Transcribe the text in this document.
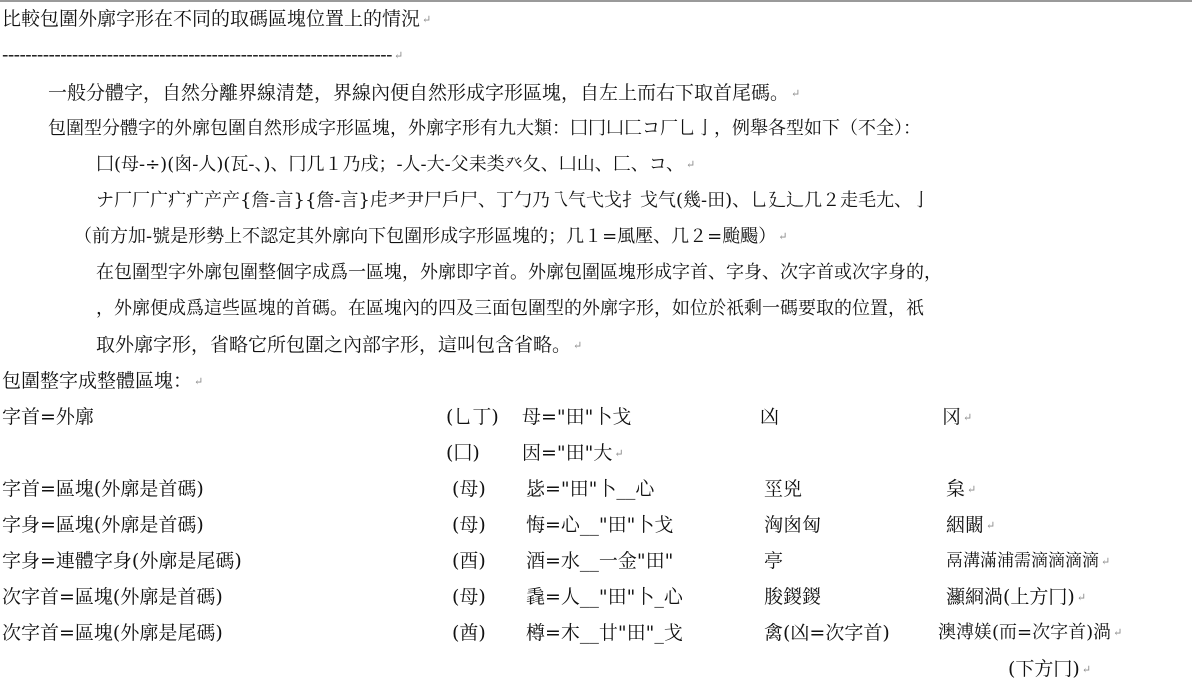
比較包圍外廓字形在不同的取碼區塊位置上的情況 ↵
------------------------------------------------------------------- ↵
一般分體字，自然分離界線清楚，界線內便自然形成字形區塊，自左上而右下取首尾碼。 ↵
包圍型分體字的外廓包圍自然形成字形區塊，外廓字形有九大類：囗冂凵匚コ厂乚亅，例舉各型如下（不全）：
囗(母-÷)(囪-人)(瓦-、)、冂几１乃戌；-人-大-父耒类癶夂、凵山、匚、コ、 ↵
ナ厂厂广疒疒产产{詹-言}{詹-言}虍耂尹尸戶尸、丁勹乃乁气弋戈扌戈气(幾-田)、乚廴辶几２走毛尢、亅
（前方加-號是形勢上不認定其外廓向下包圍形成字形區塊的；几１=風壓、几２=颱颺） ↵
在包圍型字外廓包圍整個字成爲一區塊，外廓即字首。外廓包圍區塊形成字首、字身、次字首或次字身的，
，外廓便成爲這些區塊的首碼。在區塊內的四及三面包圍型的外廓字形，如位於祇剩一碼要取的位置，祇
取外廓字形，省略它所包圍之內部字形，這叫包含省略。 ↵
包圍整字成整體區塊： ↵
字首=外廓	(乚丁) 母="田"卜戈	凶	冈 ↵
(囗) 因="田"大 ↵
字首=區塊(外廓是首碼)	(母) 毖="田"卜__心	坙兇	枲 ↵
字身=區塊(外廓是首碼)	(母) 悔=心__"田"卜戈	洶囪匈	絪闞 ↵
字身=連體字身(外廓是尾碼)	(酉) 酒=水__一金"田"	亭	鬲溝滿浦需滴滴滴滴 ↵
次字首=區塊(外廓是首碼)	(母) 毳=人__"田"卜_心	朘鍐鍐	灦綗渦(上方冂) ↵
次字首=區塊(外廓是尾碼)	(酋) 樽=木__廿"田"_戈	禽(凶=次字首)	澳溥媄(而=次字首)渦 ↵
(下方冂) ↵
